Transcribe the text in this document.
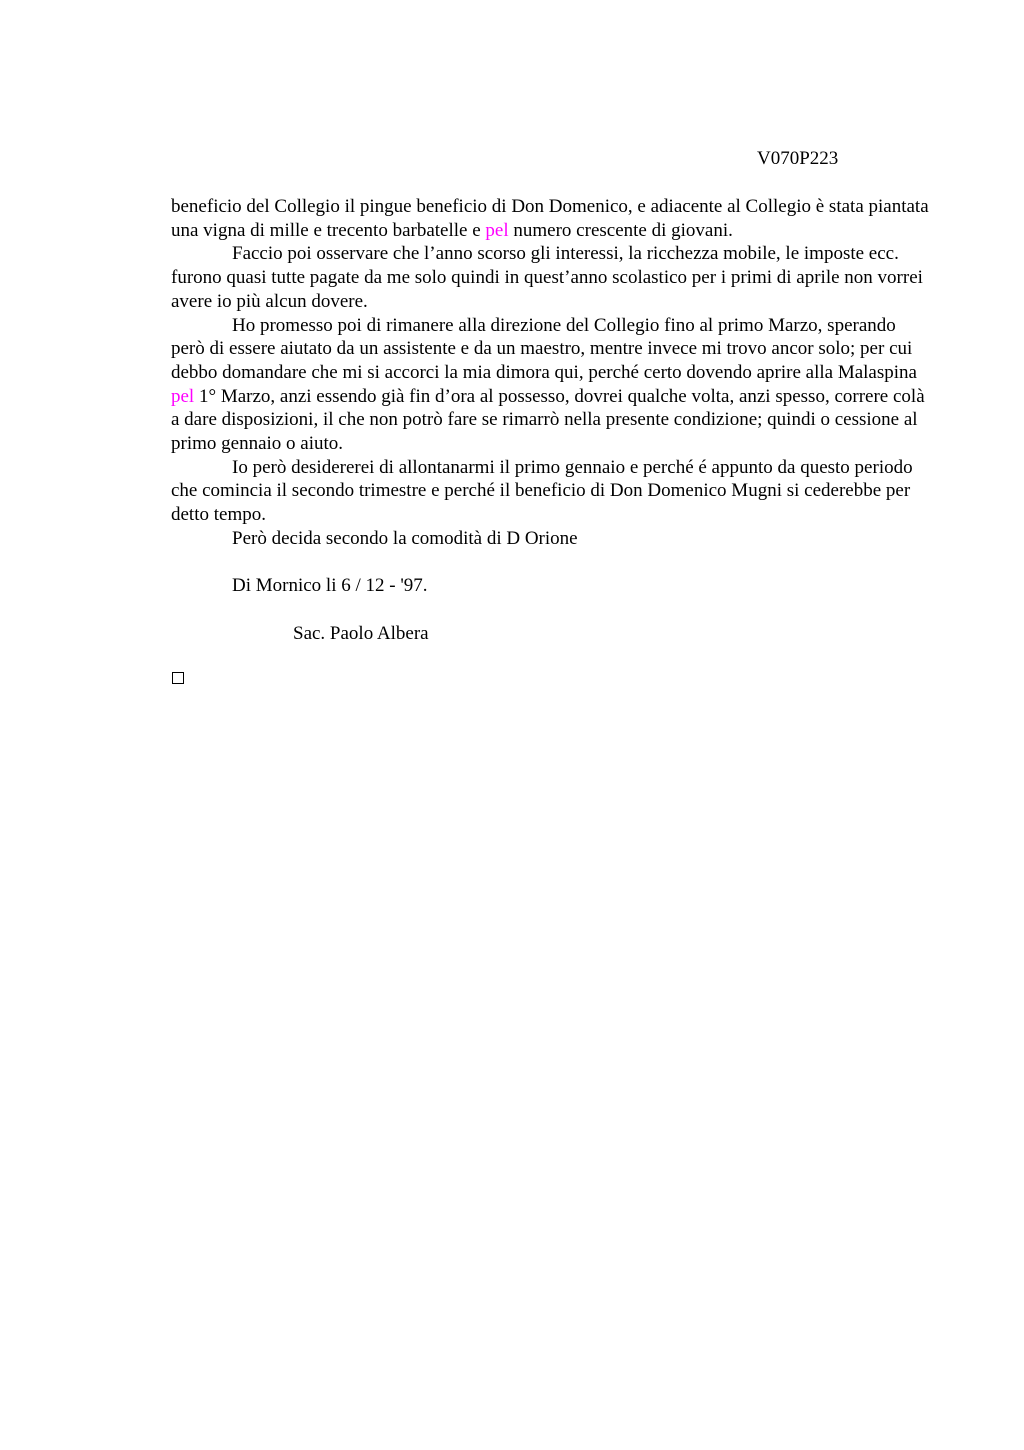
V070P223

beneficio del Collegio il pingue beneficio di Don Domenico, e adiacente al Collegio è stata piantata una vigna di mille e trecento barbatelle e pel numero crescente di giovani.

Faccio poi osservare che l’anno scorso gli interessi, la ricchezza mobile, le imposte ecc. furono quasi tutte pagate da me solo quindi in quest’anno scolastico per i primi di aprile non vorrei avere io più alcun dovere.

Ho promesso poi di rimanere alla direzione del Collegio fino al primo Marzo, sperando però di essere aiutato da un assistente e da un maestro, mentre invece mi trovo ancor solo; per cui debbo domandare che mi si accorci la mia dimora qui, perché certo dovendo aprire alla Malaspina pel 1° Marzo, anzi essendo già fin d’ora al possesso, dovrei qualche volta, anzi spesso, correre colà a dare disposizioni, il che non potrò fare se rimarrò nella presente condizione; quindi o cessione al primo gennaio o aiuto.

Io però desidererei di allontanarmi il primo gennaio e perché é appunto da questo periodo che comincia il secondo trimestre e perché il beneficio di Don Domenico Mugni si cederebbe per detto tempo.

Però decida secondo la comodità di D Orione

Di Mornico li 6 / 12 - '97.

Sac. Paolo Albera
